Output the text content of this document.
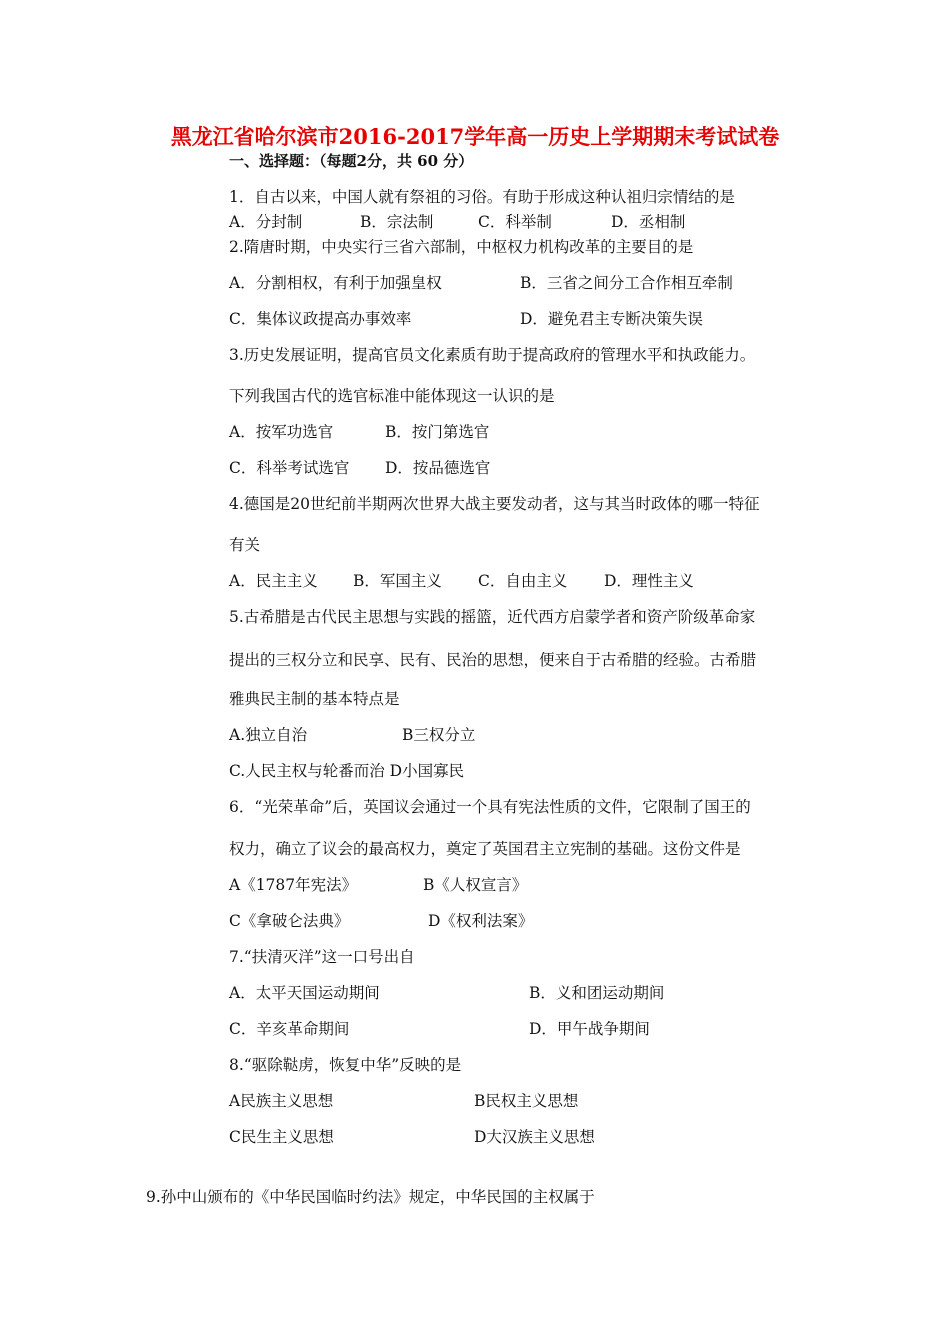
黑龙江省哈尔滨市2016-2017学年高一历史上学期期末考试试卷
一、选择题：（每题2分，共 60 分）
1．自古以来，中国人就有祭祖的习俗。有助于形成这种认祖归宗情结的是
A．分封制	B．宗法制	C．科举制	D．丞相制
2.隋唐时期，中央实行三省六部制，中枢权力机构改革的主要目的是
A．分割相权，有利于加强皇权	B．三省之间分工合作相互牵制
C．集体议政提高办事效率	D．避免君主专断决策失误
3.历史发展证明，提高官员文化素质有助于提高政府的管理水平和执政能力。
下列我国古代的选官标准中能体现这一认识的是
A．按军功选官	B．按门第选官
C．科举考试选官 D．按品德选官
4.德国是20世纪前半期两次世界大战主要发动者，这与其当时政体的哪一特征
有关
A．民主主义 B．军国主义 C．自由主义 D．理性主义
5.古希腊是古代民主思想与实践的摇篮，近代西方启蒙学者和资产阶级革命家
提出的三权分立和民享、民有、民治的思想，便来自于古希腊的经验。古希腊
雅典民主制的基本特点是
A.独立自治	B三权分立
C.人民主权与轮番而治 D小国寡民
6．“光荣革命”后，英国议会通过一个具有宪法性质的文件，它限制了国王的
权力，确立了议会的最高权力，奠定了英国君主立宪制的基础。这份文件是
A《1787年宪法》	B《人权宣言》
C《拿破仑法典》	D《权利法案》
7.“扶清灭洋”这一口号出自
A．太平天国运动期间	B．义和团运动期间
C．辛亥革命期间	D．甲午战争期间
8.“驱除鞑虏，恢复中华”反映的是
A民族主义思想	B民权主义思想
C民生主义思想	D大汉族主义思想
9.孙中山颁布的《中华民国临时约法》规定，中华民国的主权属于
